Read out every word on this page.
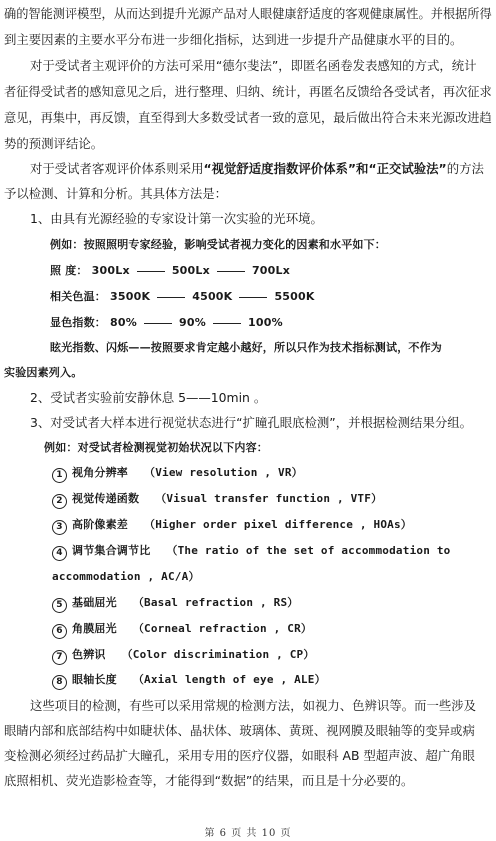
确的智能测评模型，从而达到提升光源产品对人眼健康舒适度的客观健康属性。并根据所得
到主要因素的主要水平分布进一步细化指标，达到进一步提升产品健康水平的目的。
对于受试者主观评价的方法可采用“德尔斐法”，即匿名函卷发表感知的方式，统计
者征得受试者的感知意见之后，进行整理、归纳、统计，再匿名反馈给各受试者，再次征求
意见，再集中，再反馈，直至得到大多数受试者一致的意见，最后做出符合未来光源改进趋
势的预测评结论。
对于受试者客观评价体系则采用“视觉舒适度指数评价体系”和“正交试验法”的方法
予以检测、计算和分析。其具体方法是：
1、由具有光源经验的专家设计第一次实验的光环境。
例如：按照照明专家经验，影响受试者视力变化的因素和水平如下：
照 度： 300Lx	500Lx	700Lx
相关色温： 3500K	4500K	5500K
显色指数： 80%	90%	100%
眩光指数、闪烁——按照要求肯定越小越好，所以只作为技术指标测试，不作为
实验因素列入。
2、受试者实验前安静休息 5——10min 。
3、对受试者大样本进行视觉状态进行“扩瞳孔眼底检测”，并根据检测结果分组。
例如：对受试者检测视觉初始状况以下内容：
1 视角分辨率 （View resolution , VR）
2 视觉传递函数 （Visual transfer function , VTF）
3 高阶像素差 （Higher order pixel difference , HOAs）
4 调节集合调节比 （The ratio of the set of accommodation to
accommodation , AC/A）
5 基础屈光 （Basal refraction , RS）
6 角膜屈光 （Corneal refraction , CR）
7 色辨识 （Color discrimination , CP）
8 眼轴长度 （Axial length of eye , ALE）
这些项目的检测，有些可以采用常规的检测方法，如视力、色辨识等。而一些涉及
眼睛内部和底部结构中如睫状体、晶状体、玻璃体、黄斑、视网膜及眼轴等的变异或病
变检测必须经过药品扩大瞳孔，采用专用的医疗仪器，如眼科 AB 型超声波、超广角眼
底照相机、荧光造影检查等，才能得到“数据”的结果，而且是十分必要的。
第 6 页 共 10 页
